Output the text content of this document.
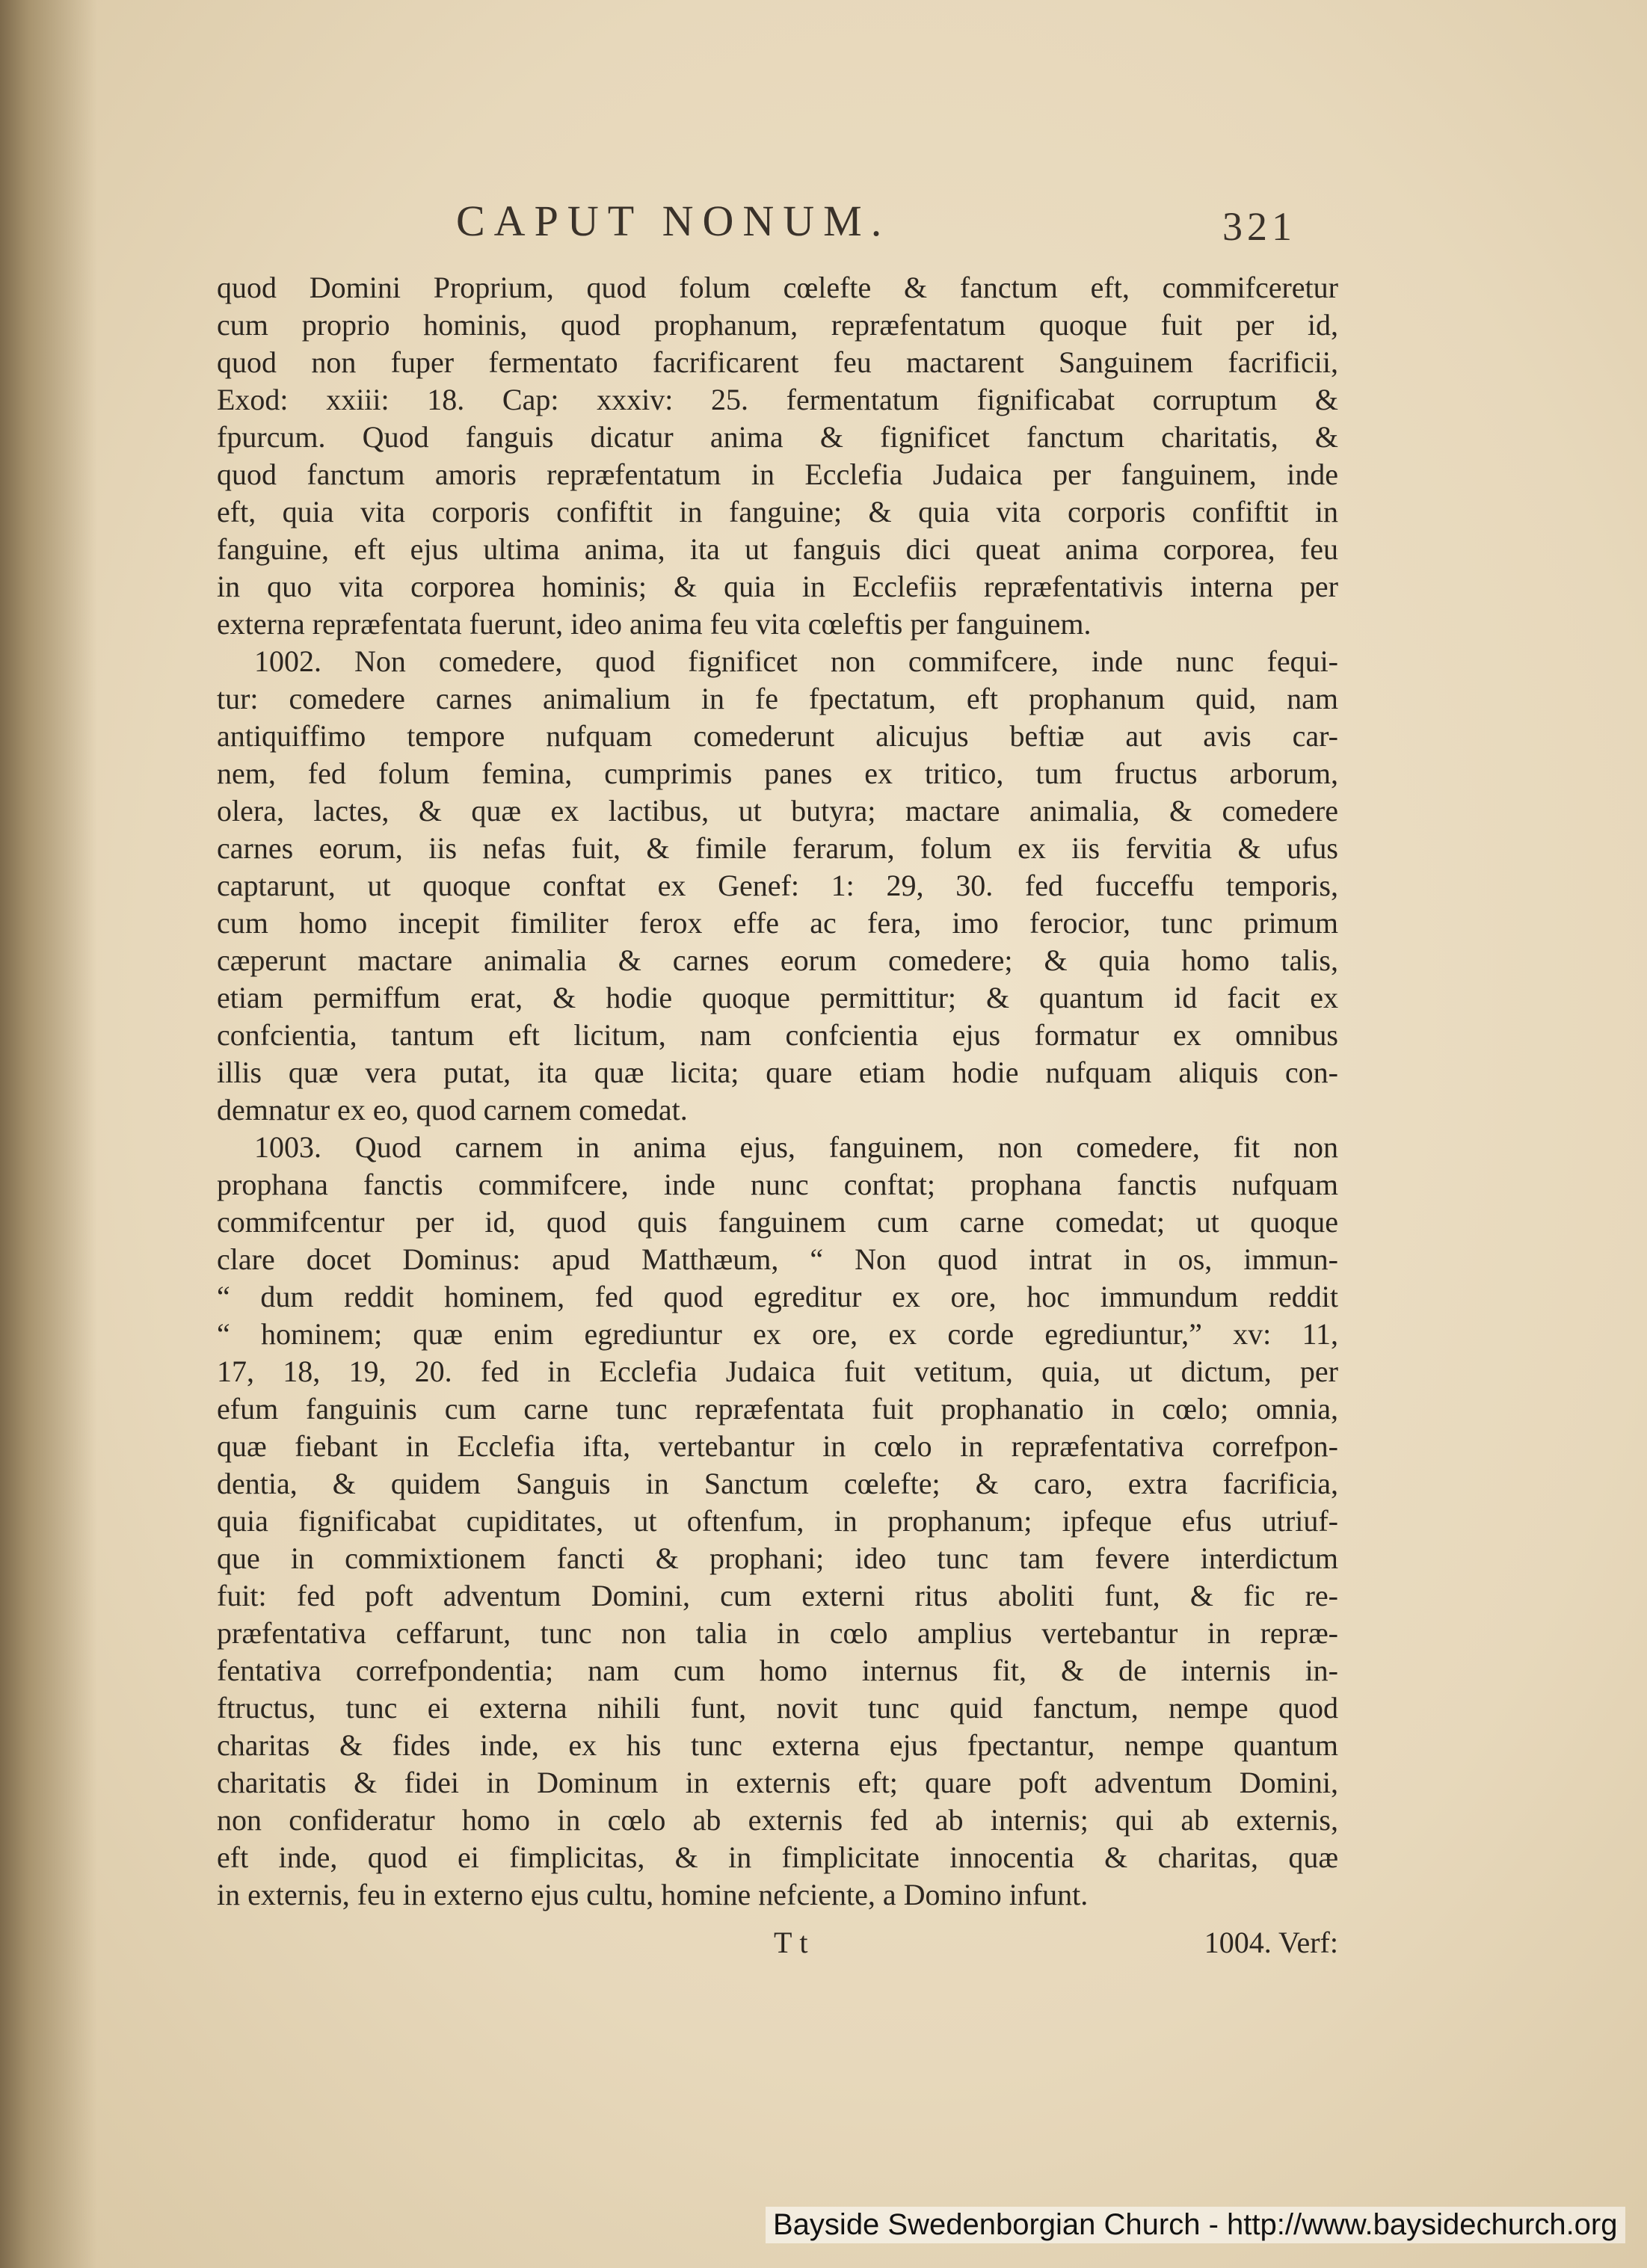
CAPUT NONUM.	321
quod Domini Proprium, quod folum cœlefte & fanctum eft, commifceretur
cum proprio hominis, quod prophanum, repræfentatum quoque fuit per id,
quod non fuper fermentato facrificarent feu mactarent Sanguinem facrificii,
Exod: xxiii: 18. Cap: xxxiv: 25. fermentatum fignificabat corruptum &
fpurcum. Quod fanguis dicatur anima & fignificet fanctum charitatis, &
quod fanctum amoris repræfentatum in Ecclefia Judaica per fanguinem, inde
eft, quia vita corporis confiftit in fanguine; & quia vita corporis confiftit in
fanguine, eft ejus ultima anima, ita ut fanguis dici queat anima corporea, feu
in quo vita corporea hominis; & quia in Ecclefiis repræfentativis interna per
externa repræfentata fuerunt, ideo anima feu vita cœleftis per fanguinem.
1002. Non comedere, quod fignificet non commifcere, inde nunc fequi-
tur: comedere carnes animalium in fe fpectatum, eft prophanum quid, nam
antiquiffimo tempore nufquam comederunt alicujus beftiæ aut avis car-
nem, fed folum femina, cumprimis panes ex tritico, tum fructus arborum,
olera, lactes, & quæ ex lactibus, ut butyra; mactare animalia, & comedere
carnes eorum, iis nefas fuit, & fimile ferarum, folum ex iis fervitia & ufus
captarunt, ut quoque conftat ex Genef: 1: 29, 30. fed fucceffu temporis,
cum homo incepit fimiliter ferox effe ac fera, imo ferocior, tunc primum
cæperunt mactare animalia & carnes eorum comedere; & quia homo talis,
etiam permiffum erat, & hodie quoque permittitur; & quantum id facit ex
confcientia, tantum eft licitum, nam confcientia ejus formatur ex omnibus
illis quæ vera putat, ita quæ licita; quare etiam hodie nufquam aliquis con-
demnatur ex eo, quod carnem comedat.
1003. Quod carnem in anima ejus, fanguinem, non comedere, fit non
prophana fanctis commifcere, inde nunc conftat; prophana fanctis nufquam
commifcentur per id, quod quis fanguinem cum carne comedat; ut quoque
clare docet Dominus: apud Matthæum, “ Non quod intrat in os, immun-
“ dum reddit hominem, fed quod egreditur ex ore, hoc immundum reddit
“ hominem; quæ enim egrediuntur ex ore, ex corde egrediuntur,” xv: 11,
17, 18, 19, 20. fed in Ecclefia Judaica fuit vetitum, quia, ut dictum, per
efum fanguinis cum carne tunc repræfentata fuit prophanatio in cœlo; omnia,
quæ fiebant in Ecclefia ifta, vertebantur in cœlo in repræfentativa correfpon-
dentia, & quidem Sanguis in Sanctum cœlefte; & caro, extra facrificia,
quia fignificabat cupiditates, ut oftenfum, in prophanum; ipfeque efus utriuf-
que in commixtionem fancti & prophani; ideo tunc tam fevere interdictum
fuit: fed poft adventum Domini, cum externi ritus aboliti funt, & fic re-
præfentativa ceffarunt, tunc non talia in cœlo amplius vertebantur in repræ-
fentativa correfpondentia; nam cum homo internus fit, & de internis in-
ftructus, tunc ei externa nihili funt, novit tunc quid fanctum, nempe quod
charitas & fides inde, ex his tunc externa ejus fpectantur, nempe quantum
charitatis & fidei in Dominum in externis eft; quare poft adventum Domini,
non confideratur homo in cœlo ab externis fed ab internis; qui ab externis,
eft inde, quod ei fimplicitas, & in fimplicitate innocentia & charitas, quæ
in externis, feu in externo ejus cultu, homine nefciente, a Domino infunt.
Tt	1004. Verf:
Bayside Swedenborgian Church - http://www.baysidechurch.org
